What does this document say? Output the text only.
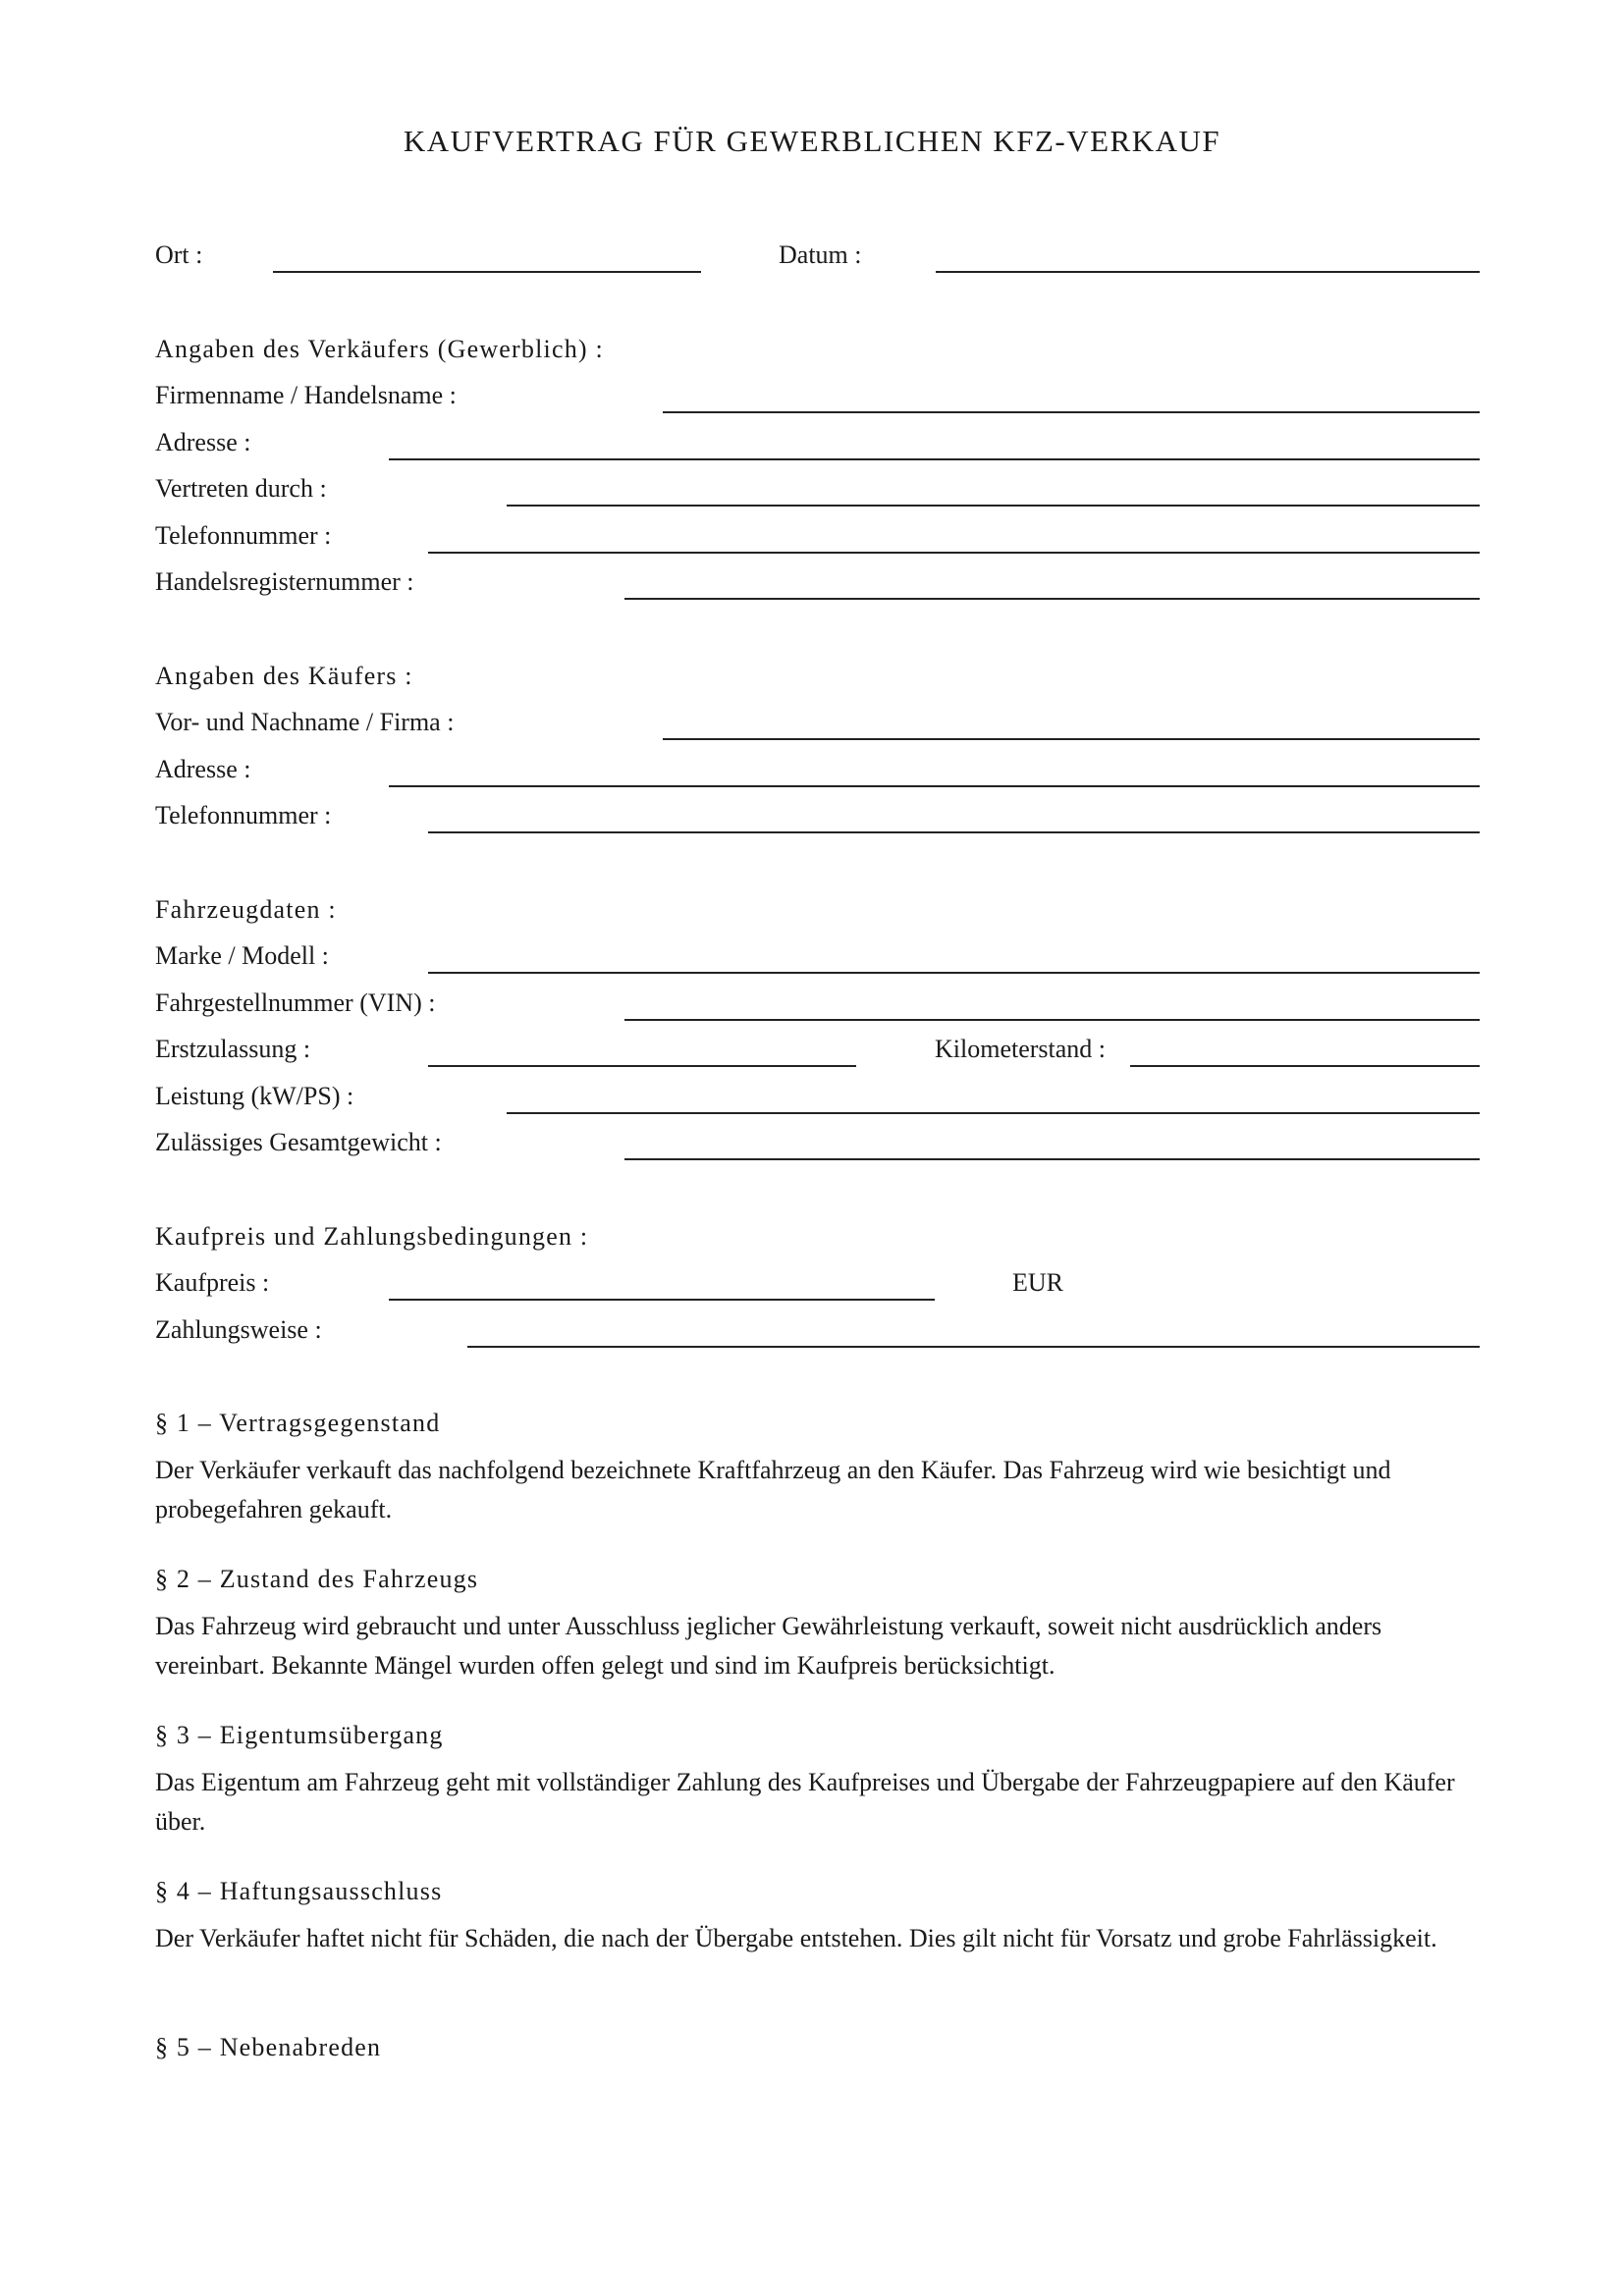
KAUFVERTRAG FÜR GEWERBLICHEN KFZ-VERKAUF
Ort :	Datum :
Angaben des Verkäufers (Gewerblich) :
Firmenname / Handelsname :
Adresse :
Vertreten durch :
Telefonnummer :
Handelsregisternummer :
Angaben des Käufers :
Vor- und Nachname / Firma :
Adresse :
Telefonnummer :
Fahrzeugdaten :
Marke / Modell :
Fahrgestellnummer (VIN) :
Erstzulassung :	Kilometerstand :
Leistung (kW/PS) :
Zulässiges Gesamtgewicht :
Kaufpreis und Zahlungsbedingungen :
Kaufpreis :	EUR
Zahlungsweise :
§ 1 – Vertragsgegenstand
Der Verkäufer verkauft das nachfolgend bezeichnete Kraftfahrzeug an den Käufer. Das Fahrzeug wird wie besichtigt und probegefahren gekauft.
§ 2 – Zustand des Fahrzeugs
Das Fahrzeug wird gebraucht und unter Ausschluss jeglicher Gewährleistung verkauft, soweit nicht ausdrücklich anders vereinbart. Bekannte Mängel wurden offen gelegt und sind im Kaufpreis berücksichtigt.
§ 3 – Eigentumsübergang
Das Eigentum am Fahrzeug geht mit vollständiger Zahlung des Kaufpreises und Übergabe der Fahrzeugpapiere auf den Käufer über.
§ 4 – Haftungsausschluss
Der Verkäufer haftet nicht für Schäden, die nach der Übergabe entstehen. Dies gilt nicht für Vorsatz und grobe Fahrlässigkeit.
§ 5 – Nebenabreden
